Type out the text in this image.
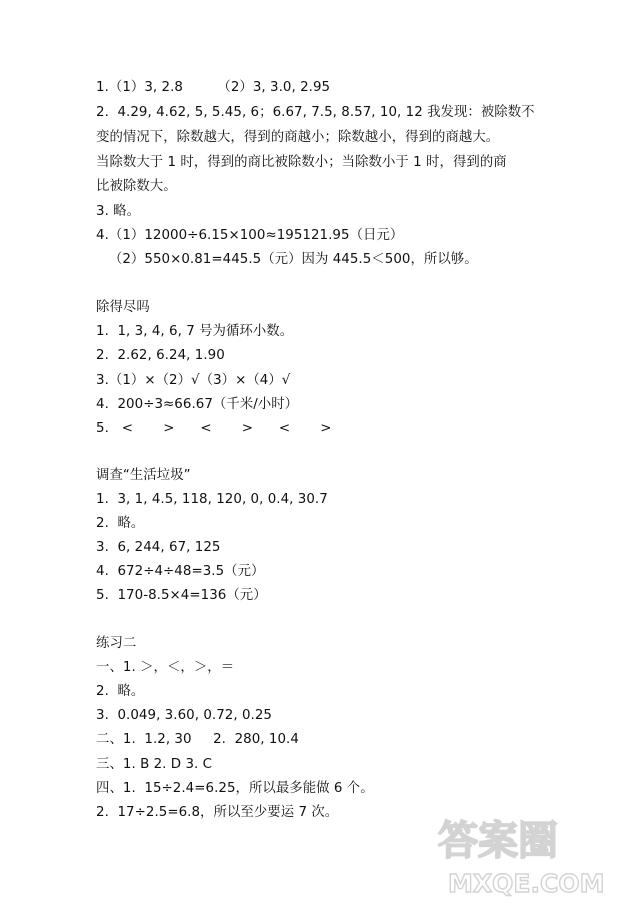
1.（1）3, 2.8        （2）3, 3.0, 2.95
2.  4.29, 4.62, 5, 5.45, 6；6.67, 7.5, 8.57, 10, 12 我发现：被除数不
变的情况下，除数越大，得到的商越小；除数越小，得到的商越大。
当除数大于 1 时，得到的商比被除数小；当除数小于 1 时，得到的商
比被除数大。
3. 略。
4.（1）12000÷6.15×100≈195121.95（日元）
（2）550×0.81=445.5（元）因为 445.5＜500，所以够。
除得尽吗
1.  1, 3, 4, 6, 7 号为循环小数。
2.  2.62, 6.24, 1.90
3.（1）×（2）√（3）×（4）√
4.  200÷3≈66.67（千米/小时）
5.   <       >      <       >      <       >
调查“生活垃圾”
1.  3, 1, 4.5, 118, 120, 0, 0.4, 30.7
2.  略。
3.  6, 244, 67, 125
4.  672÷4÷48=3.5（元）
5.  170-8.5×4=136（元）
练习二
一、1. ＞，＜，＞，＝
2.  略。
3.  0.049, 3.60, 0.72, 0.25
二、1.  1.2, 30     2.  280, 10.4
三、1. B 2. D 3. C
四、1.  15÷2.4=6.25，所以最多能做 6 个。
2.  17÷2.5=6.8，所以至少要运 7 次。
答案圈
MXQE.COM
